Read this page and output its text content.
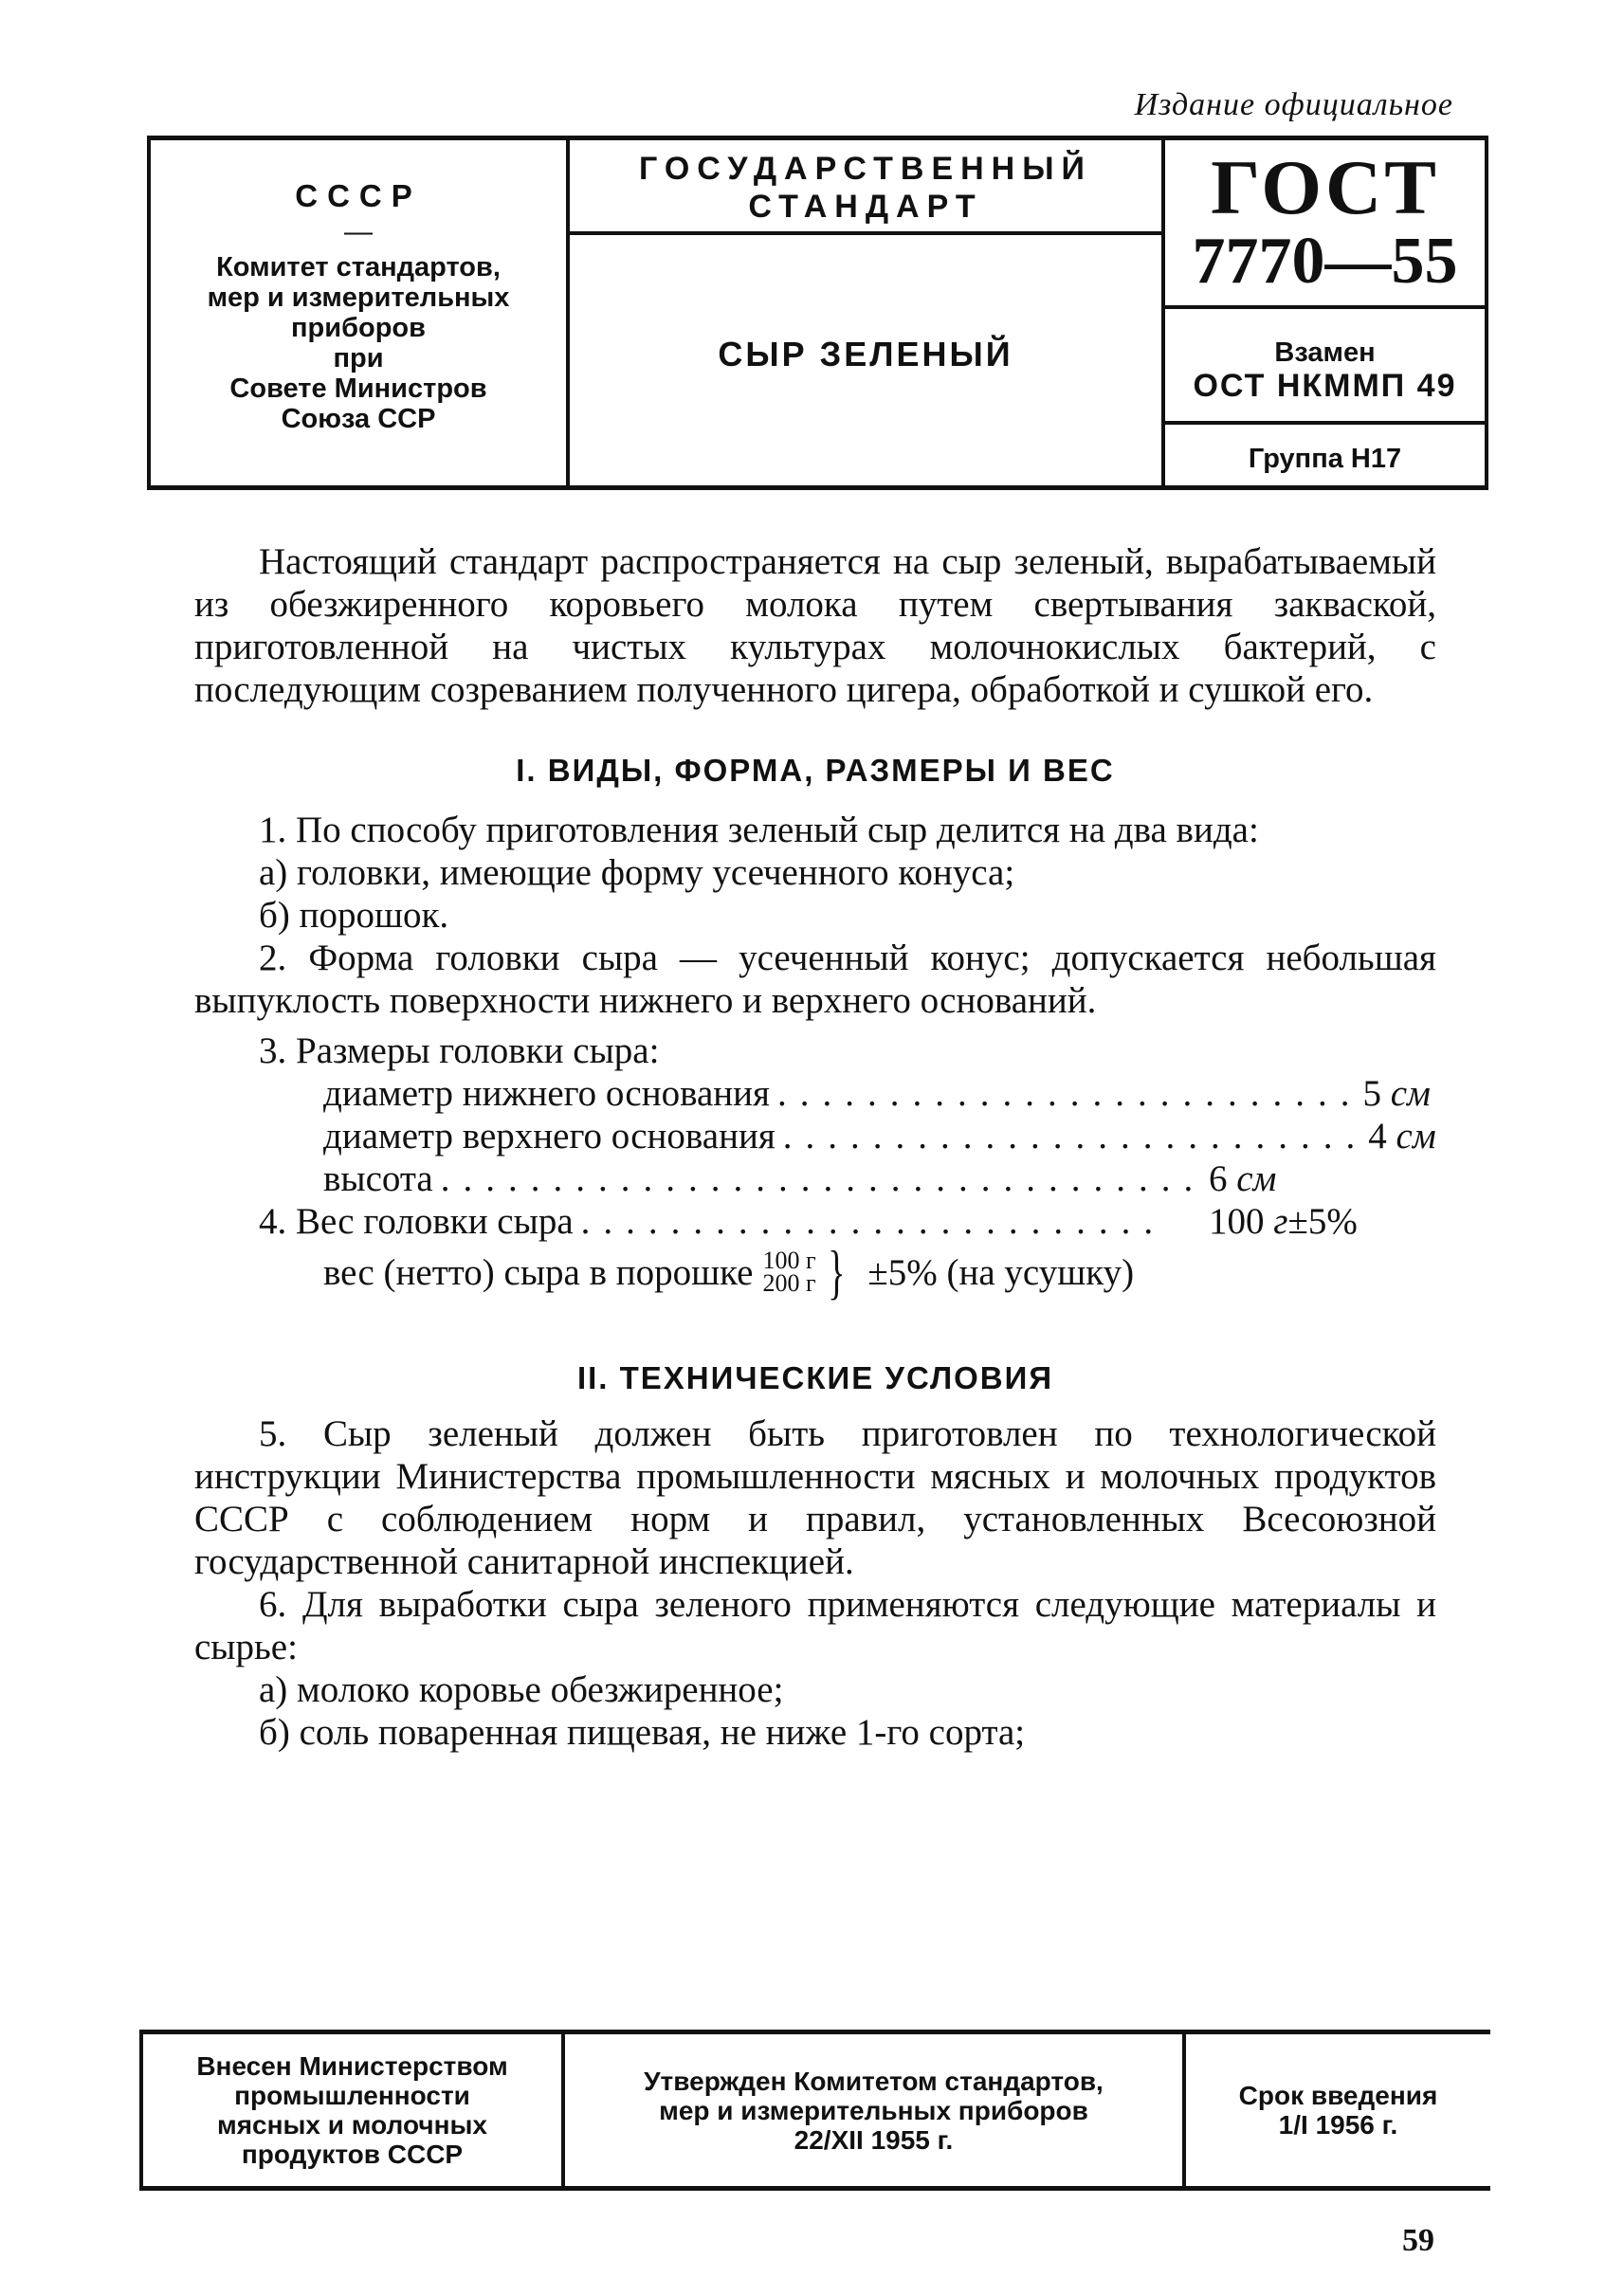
Издание официальное
СССР
—
Комитет стандартов,
мер и измерительных
приборов
при
Совете Министров
Союза ССР
ГОСУДАРСТВЕННЫЙ
СТАНДАРТ
СЫР ЗЕЛЕНЫЙ
ГОСТ
7770—55
Взамен
ОСТ НКММП 49
Группа Н17

Настоящий стандарт распространяется на сыр зеленый, вырабатываемый из обезжиренного коровьего молока путем свертывания закваской, приготовленной на чистых культурах молочнокислых бактерий, с последующим созреванием полученного цигера, обработкой и сушкой его.

I. ВИДЫ, ФОРМА, РАЗМЕРЫ И ВЕС

1. По способу приготовления зеленый сыр делится на два вида:

а) головки, имеющие форму усеченного конуса;
б) порошок.

2. Форма головки сыра — усеченный конус; допускается небольшая выпуклость поверхности нижнего и верхнего оснований.

3. Размеры головки сыра:
диаметр нижнего основания .......................... 5 см
диаметр верхнего основания .......................... 4 см
высота .................................. 6 см
4. Вес головки сыра ..........................	100 г±5%
вес (нетто) сыра в порошке 100 г
200 г } ±5% (на усушку)
II. ТЕХНИЧЕСКИЕ УСЛОВИЯ

5. Сыр зеленый должен быть приготовлен по технологической инструкции Министерства промышленности мясных и молочных продуктов СССР с соблюдением норм и правил, установленных Всесоюзной государственной санитарной инспекцией.

6. Для выработки сыра зеленого применяются следующие материалы и сырье:

а) молоко коровье обезжиренное;
б) соль поваренная пищевая, не ниже 1-го сорта;
Внесен Министерством
промышленности
мясных и молочных
продуктов СССР
Утвержден Комитетом стандартов,
мер и измерительных приборов
22/XII 1955 г.
Срок введения
1/I 1956 г.
59
